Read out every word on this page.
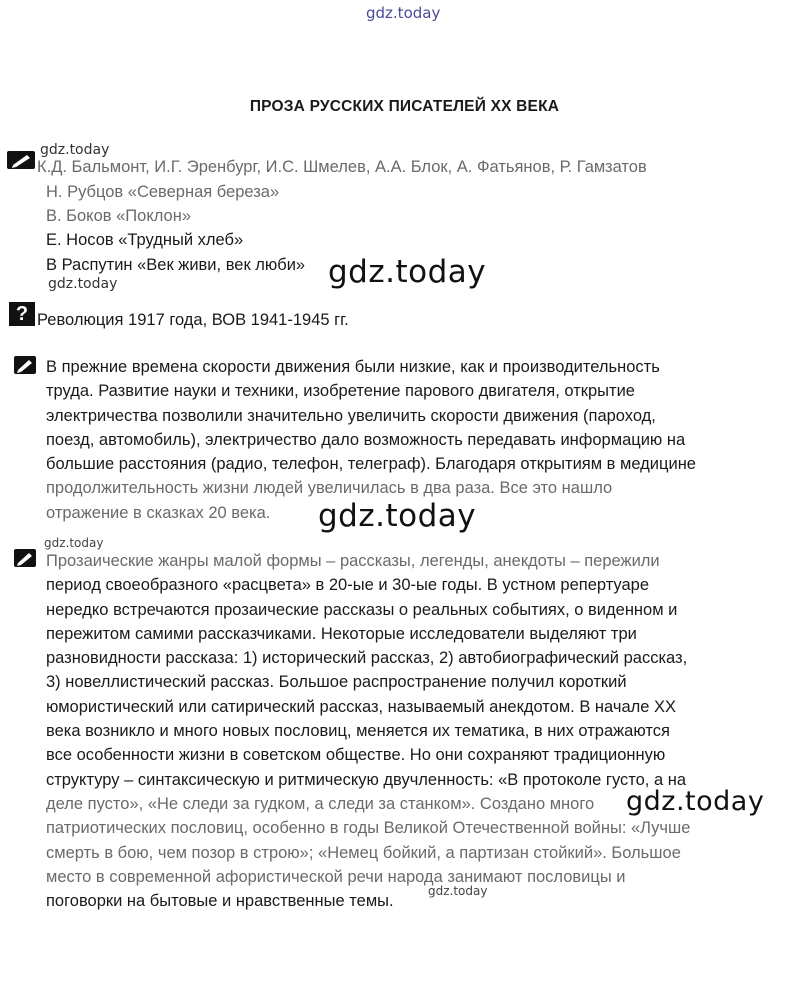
gdz.today
gdz.today
gdz.today	gdz.today
gdz.today
gdz.today
gdz.today
gdz.today
ПРОЗА РУССКИХ ПИСАТЕЛЕЙ XX ВЕКА
К.Д. Бальмонт, И.Г. Эренбург, И.С. Шмелев, А.А. Блок, А. Фатьянов, Р. Гамзатов
Н. Рубцов «Северная береза»
В. Боков «Поклон»
Е. Носов «Трудный хлеб»
В Распутин «Век живи, век люби»
? Революция 1917 года, ВОВ 1941-1945 гг.
В прежние времена скорости движения были низкие, как и производительность
труда. Развитие науки и техники, изобретение парового двигателя, открытие
электричества позволили значительно увеличить скорости движения (пароход,
поезд, автомобиль), электричество дало возможность передавать информацию на
большие расстояния (радио, телефон, телеграф). Благодаря открытиям в медицине
продолжительность жизни людей увеличилась в два раза. Все это нашло
отражение в сказках 20 века.
Прозаические жанры малой формы – рассказы, легенды, анекдоты – пережили
период своеобразного «расцвета» в 20-ые и 30-ые годы. В устном репертуаре
нередко встречаются прозаические рассказы о реальных событиях, о виденном и
пережитом самими рассказчиками. Некоторые исследователи выделяют три
разновидности рассказа: 1) исторический рассказ, 2) автобиографический рассказ,
3) новеллистический рассказ. Большое распространение получил короткий
юмористический или сатирический рассказ, называемый анекдотом. В начале XX
века возникло и много новых пословиц, меняется их тематика, в них отражаются
все особенности жизни в советском обществе. Но они сохраняют традиционную
структуру – синтаксическую и ритмическую двучленность: «В протоколе густо, а на
деле пусто», «Не следи за гудком, а следи за станком». Создано много
патриотических пословиц, особенно в годы Великой Отечественной войны: «Лучше
смерть в бою, чем позор в строю»; «Немец бойкий, а партизан стойкий». Большое
место в современной афористической речи народа занимают пословицы и
поговорки на бытовые и нравственные темы.
